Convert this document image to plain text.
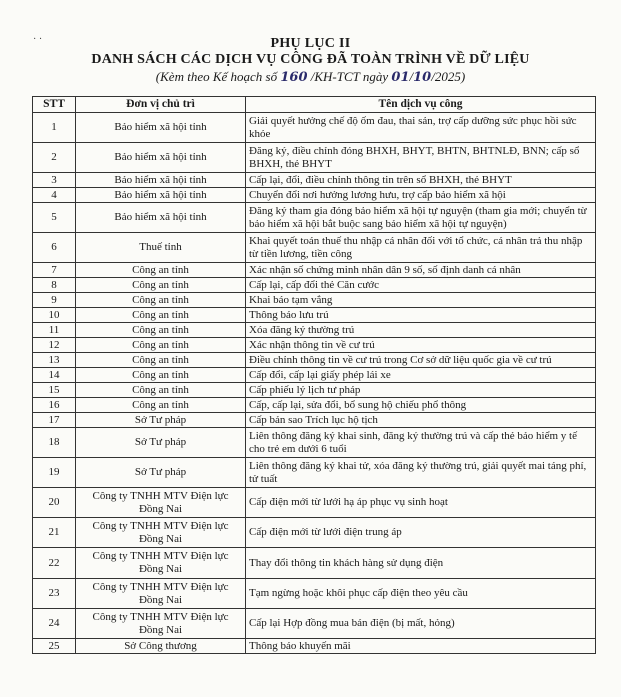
· ·	PHỤ LỤC II
DANH SÁCH CÁC DỊCH VỤ CÔNG ĐÃ TOÀN TRÌNH VỀ DỮ LIỆU
(Kèm theo Kế hoạch số 160 /KH-TCT ngày 01/10/2025)
STT	Đơn vị chủ trì	Tên dịch vụ công
1	Bảo hiểm xã hội tỉnh	Giải quyết hưởng chế độ ốm đau, thai sản, trợ cấp dưỡng sức phục hồi sức khỏe
2	Bảo hiểm xã hội tỉnh	Đăng ký, điều chỉnh đóng BHXH, BHYT, BHTN, BHTNLĐ, BNN; cấp sổ BHXH, thẻ BHYT
3	Bảo hiểm xã hội tỉnh	Cấp lại, đổi, điều chỉnh thông tin trên sổ BHXH, thẻ BHYT
4	Bảo hiểm xã hội tỉnh	Chuyển đổi nơi hưởng lương hưu, trợ cấp bảo hiểm xã hội
5	Bảo hiểm xã hội tỉnh	Đăng ký tham gia đóng bảo hiểm xã hội tự nguyện (tham gia mới; chuyển từ bảo hiểm xã hội bắt buộc sang bảo hiểm xã hội tự nguyện)
6	Thuế tỉnh	Khai quyết toán thuế thu nhập cá nhân đối với tổ chức, cá nhân trả thu nhập từ tiền lương, tiền công
7	Công an tỉnh	Xác nhận số chứng minh nhân dân 9 số, số định danh cá nhân
8	Công an tỉnh	Cấp lại, cấp đổi thẻ Căn cước
9	Công an tỉnh	Khai báo tạm vắng
10	Công an tỉnh	Thông báo lưu trú
11	Công an tỉnh	Xóa đăng ký thường trú
12	Công an tỉnh	Xác nhận thông tin về cư trú
13	Công an tỉnh	Điều chỉnh thông tin về cư trú trong Cơ sở dữ liệu quốc gia về cư trú
14	Công an tỉnh	Cấp đổi, cấp lại giấy phép lái xe
15	Công an tỉnh	Cấp phiếu lý lịch tư pháp
16	Công an tỉnh	Cấp, cấp lại, sửa đổi, bổ sung hộ chiếu phổ thông
17	Sở Tư pháp	Cấp bản sao Trích lục hộ tịch
18	Sở Tư pháp	Liên thông đăng ký khai sinh, đăng ký thường trú và cấp thẻ bảo hiểm y tế cho trẻ em dưới 6 tuổi
19	Sở Tư pháp	Liên thông đăng ký khai tử, xóa đăng ký thường trú, giải quyết mai táng phí, tử tuất
20	Công ty TNHH MTV Điện lực Đồng Nai	Cấp điện mới từ lưới hạ áp phục vụ sinh hoạt
21	Công ty TNHH MTV Điện lực Đồng Nai	Cấp điện mới từ lưới điện trung áp
22	Công ty TNHH MTV Điện lực Đồng Nai	Thay đổi thông tin khách hàng sử dụng điện
23	Công ty TNHH MTV Điện lực Đồng Nai	Tạm ngừng hoặc khôi phục cấp điện theo yêu cầu
24	Công ty TNHH MTV Điện lực Đồng Nai	Cấp lại Hợp đồng mua bán điện (bị mất, hỏng)
25	Sở Công thương	Thông báo khuyến mãi
